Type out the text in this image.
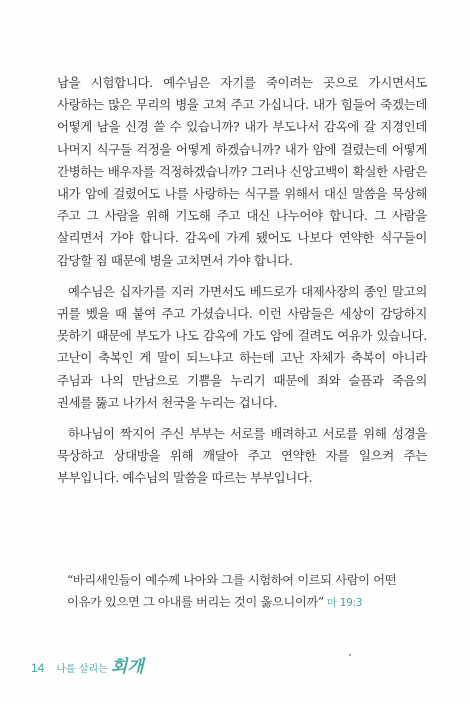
남을 시험합니다. 예수님은 자기를 죽이려는 곳으로 가시면서도 사랑하는 많은 무리의 병을 고쳐 주고 가십니다. 내가 힘들어 죽겠는데 어떻게 남을 신경 쓸 수 있습니까? 내가 부도나서 감옥에 갈 지경인데 나머지 식구들 걱정을 어떻게 하겠습니까? 내가 암에 걸렸는데 어떻게 간병하는 배우자를 걱정하겠습니까? 그러나 신앙고백이 확실한 사람은 내가 암에 걸렸어도 나를 사랑하는 식구를 위해서 대신 말씀을 묵상해 주고 그 사람을 위해 기도해 주고 대신 나누어야 합니다. 그 사람을 살리면서 가야 합니다. 감옥에 가게 됐어도 나보다 연약한 식구들이 감당할 짐 때문에 병을 고치면서 가야 합니다.

예수님은 십자가를 지러 가면서도 베드로가 대제사장의 종인 말고의 귀를 벴을 때 붙여 주고 가셨습니다. 이런 사람들은 세상이 감당하지 못하기 때문에 부도가 나도 감옥에 가도 암에 걸려도 여유가 있습니다. 고난이 축복인 게 말이 되느냐고 하는데 고난 자체가 축복이 아니라 주님과 나의 만남으로 기쁨을 누리기 때문에 죄와 슬픔과 죽음의 권세를 뚫고 나가서 천국을 누리는 겁니다.

하나님이 짝지어 주신 부부는 서로를 배려하고 서로를 위해 성경을 묵상하고 상대방을 위해 깨달아 주고 연약한 자를 일으켜 주는 부부입니다. 예수님의 말씀을 따르는 부부입니다.

“바리새인들이 예수께 나아와 그를 시험하여 이르되 사람이 어떤 이유가 있으면 그 아내를 버리는 것이 옳으니이까” 마 19:3
14 나를 살리는 회개
